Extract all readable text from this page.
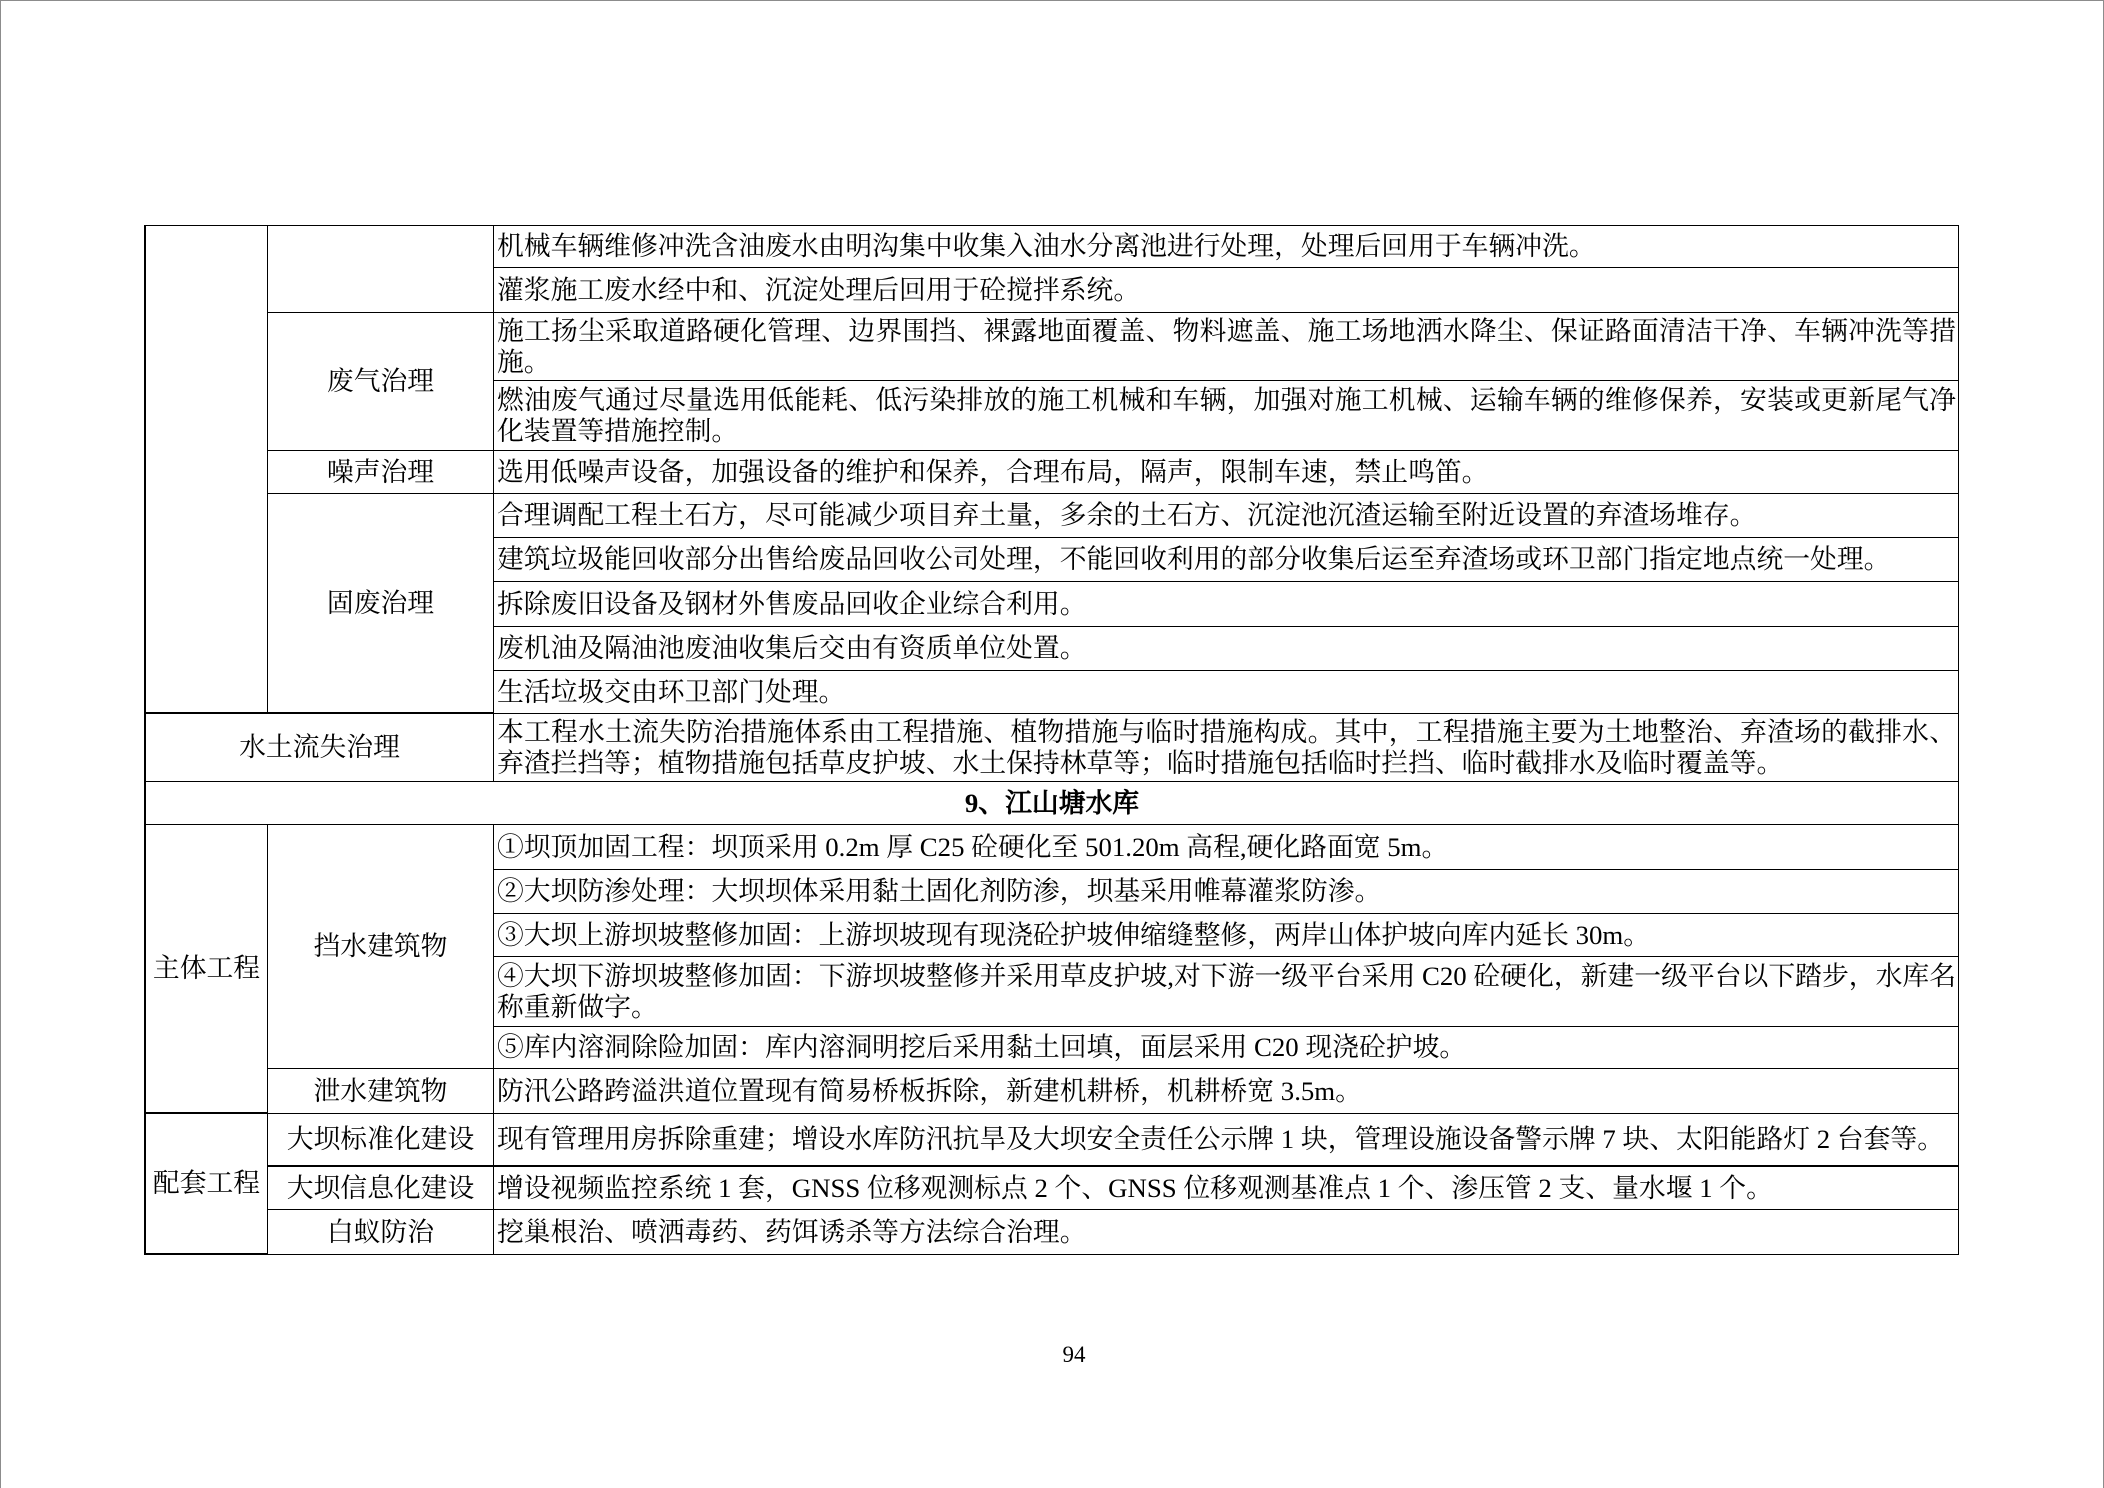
机械车辆维修冲洗含油废水由明沟集中收集入油水分离池进行处理，处理后回用于车辆冲洗。
灌浆施工废水经中和、沉淀处理后回用于砼搅拌系统。
废气治理
施工扬尘采取道路硬化管理、边界围挡、裸露地面覆盖、物料遮盖、施工场地洒水降尘、保证路面清洁干净、车辆冲洗等措施。
燃油废气通过尽量选用低能耗、低污染排放的施工机械和车辆，加强对施工机械、运输车辆的维修保养，安装或更新尾气净化装置等措施控制。
噪声治理 选用低噪声设备，加强设备的维护和保养，合理布局，隔声，限制车速，禁止鸣笛。
固废治理
合理调配工程土石方，尽可能减少项目弃土量，多余的土石方、沉淀池沉渣运输至附近设置的弃渣场堆存。
建筑垃圾能回收部分出售给废品回收公司处理，不能回收利用的部分收集后运至弃渣场或环卫部门指定地点统一处理。
拆除废旧设备及钢材外售废品回收企业综合利用。
废机油及隔油池废油收集后交由有资质单位处置。
生活垃圾交由环卫部门处理。
水土流失治理
本工程水土流失防治措施体系由工程措施、植物措施与临时措施构成。其中，工程措施主要为土地整治、弃渣场的截排水、弃渣拦挡等；植物措施包括草皮护坡、水土保持林草等；临时措施包括临时拦挡、临时截排水及临时覆盖等。
9、江山塘水库
主体工程
挡水建筑物
①坝顶加固工程：坝顶采用 0.2m 厚 C25 砼硬化至 501.20m 高程,硬化路面宽 5m。
②大坝防渗处理：大坝坝体采用黏土固化剂防渗，坝基采用帷幕灌浆防渗。
③大坝上游坝坡整修加固：上游坝坡现有现浇砼护坡伸缩缝整修，两岸山体护坡向库内延长 30m。
④大坝下游坝坡整修加固：下游坝坡整修并采用草皮护坡,对下游一级平台采用 C20 砼硬化，新建一级平台以下踏步，水库名称重新做字。
⑤库内溶洞除险加固：库内溶洞明挖后采用黏土回填，面层采用 C20 现浇砼护坡。
泄水建筑物 防汛公路跨溢洪道位置现有简易桥板拆除，新建机耕桥，机耕桥宽 3.5m。
配套工程
大坝标准化建设 现有管理用房拆除重建；增设水库防汛抗旱及大坝安全责任公示牌 1 块，管理设施设备警示牌 7 块、太阳能路灯 2 台套等。
大坝信息化建设 增设视频监控系统 1 套，GNSS 位移观测标点 2 个、GNSS 位移观测基准点 1 个、渗压管 2 支、量水堰 1 个。
白蚁防治 挖巢根治、喷洒毒药、药饵诱杀等方法综合治理。
94
